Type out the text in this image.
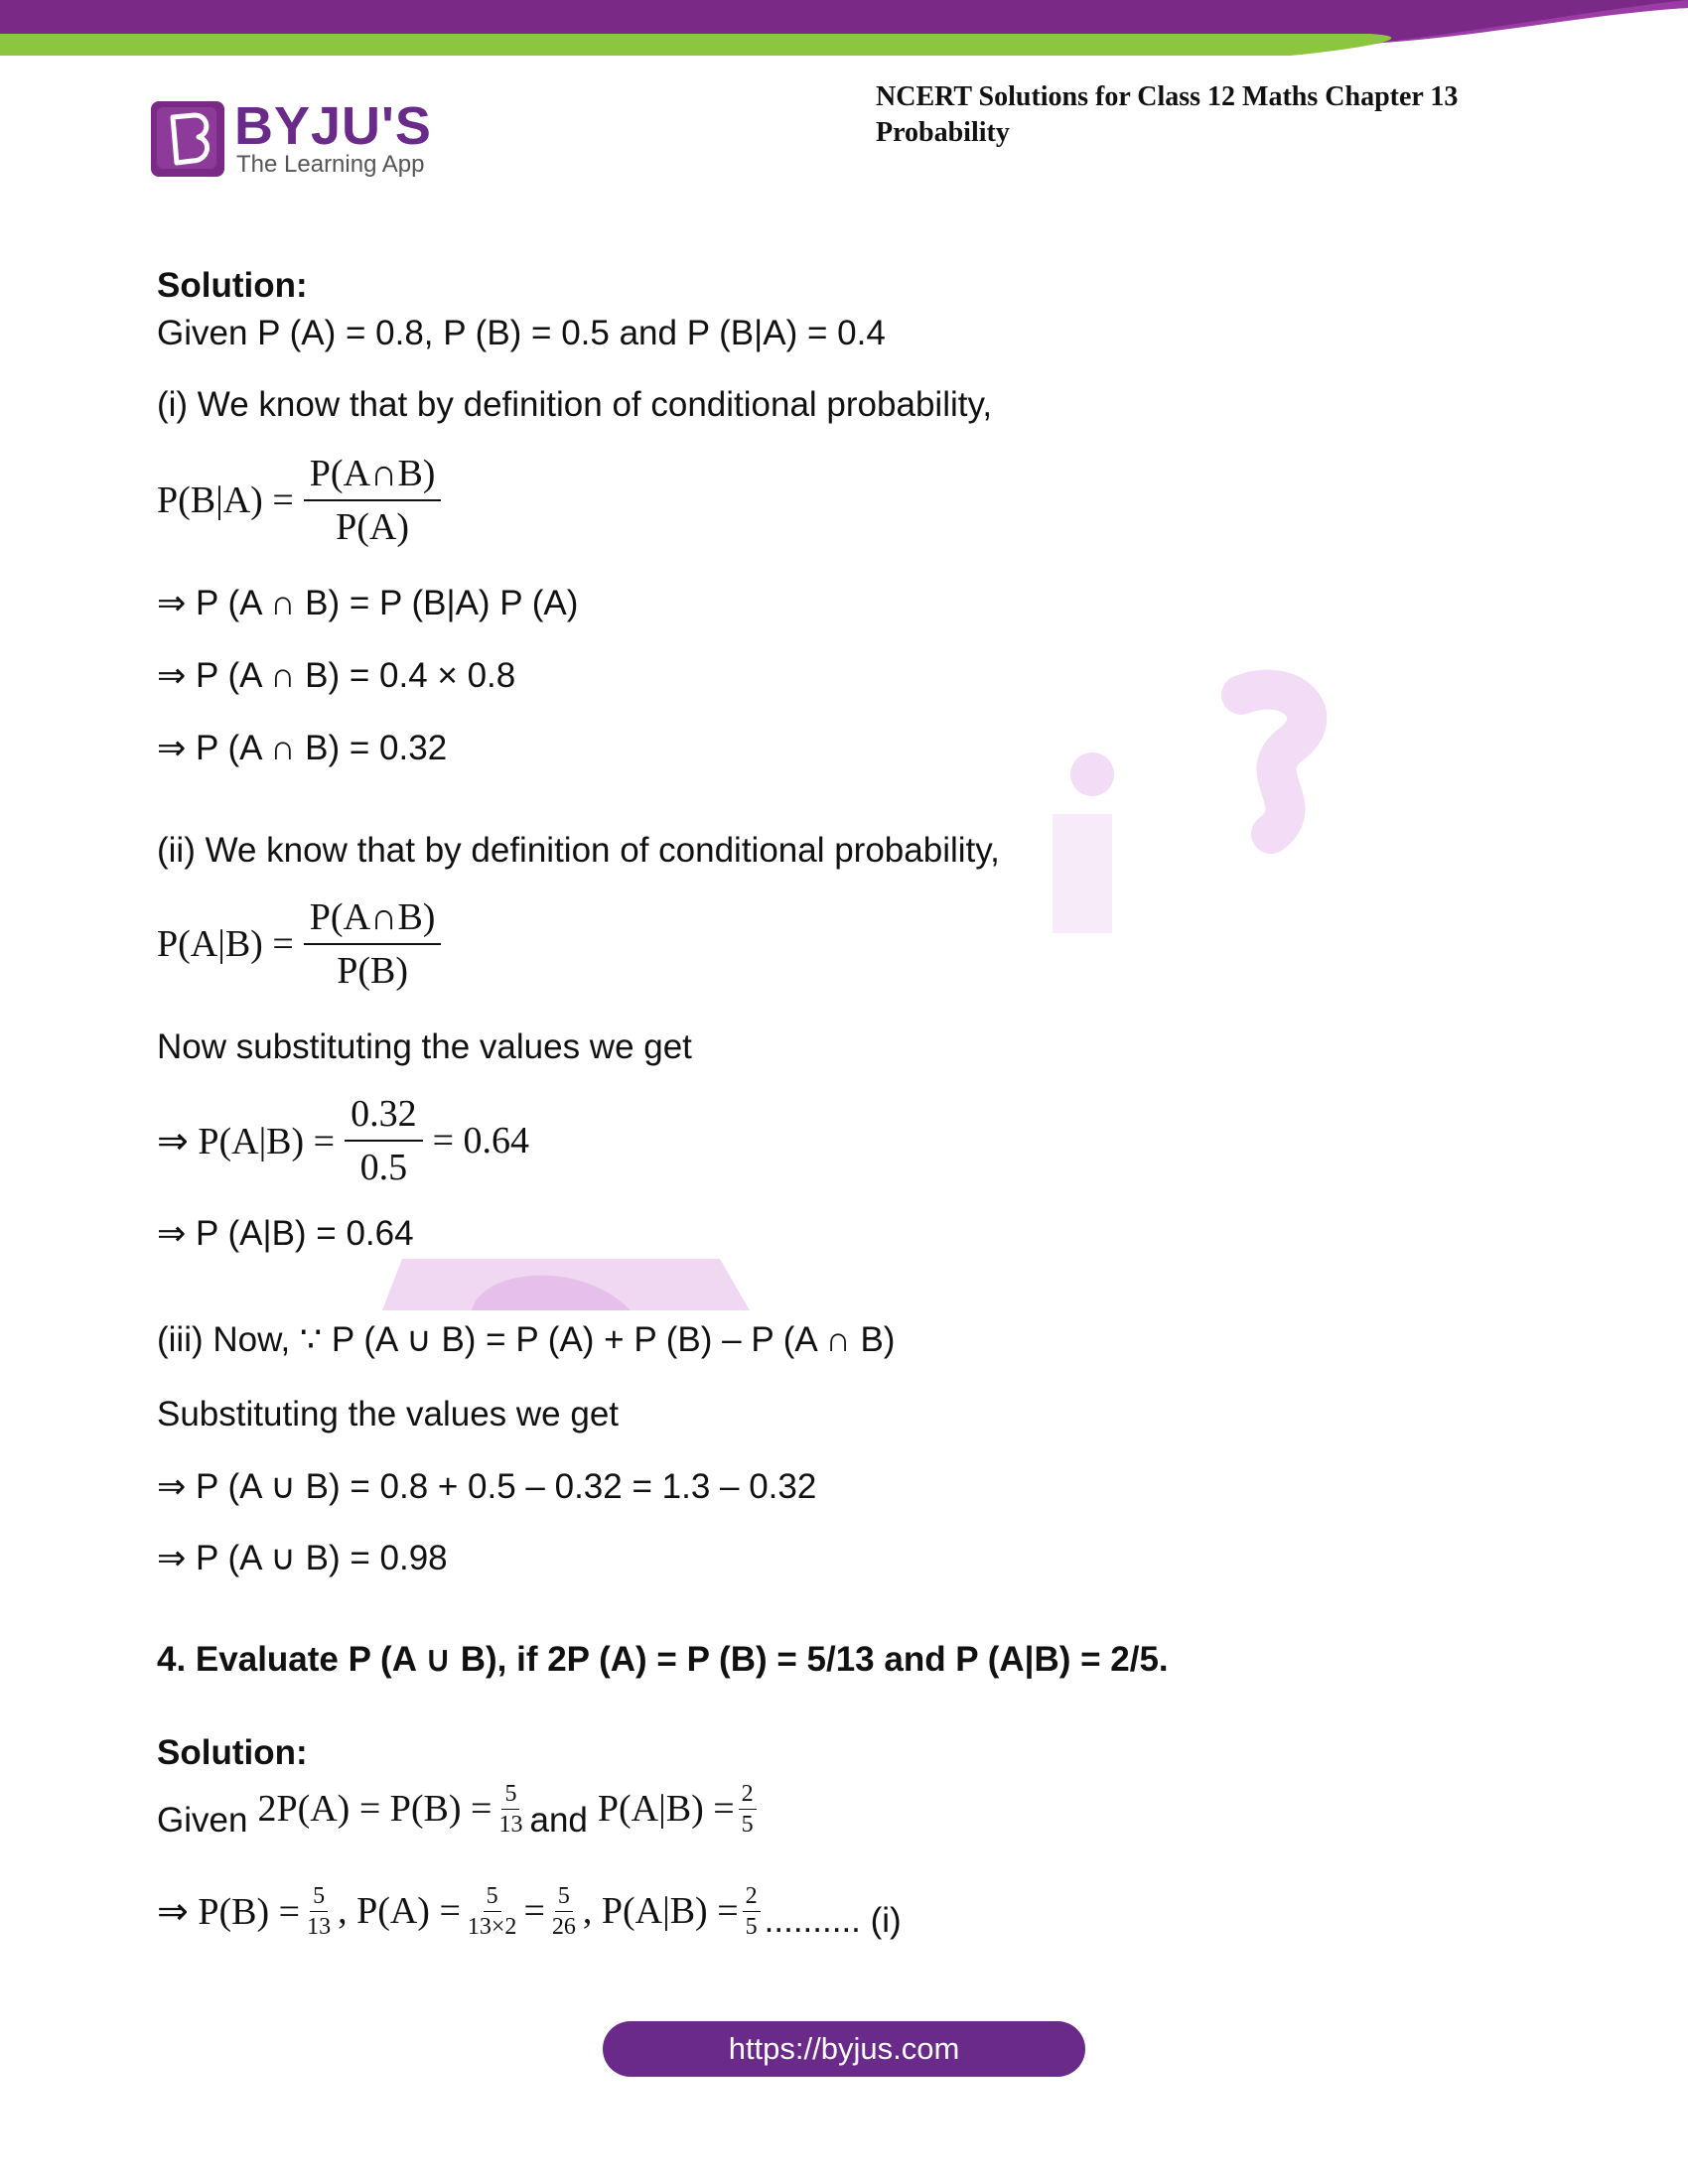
BYJU'S
The Learning App
NCERT Solutions for Class 12 Maths Chapter 13
Probability
Solution:
Given P (A) = 0.8, P (B) = 0.5 and P (B|A) = 0.4
(i) We know that by definition of conditional probability,
$P(B|A) = \frac{P(A\cap B)}{P(A)}$
⇒ P (A ∩ B) = P (B|A) P (A)
⇒ P (A ∩ B) = 0.4 × 0.8
⇒ P (A ∩ B) = 0.32
(ii) We know that by definition of conditional probability,
$P(A|B) = \frac{P(A\cap B)}{P(B)}$
Now substituting the values we get
⇒ $P(A|B) = \frac{0.32}{0.5} = 0.64$
⇒ P (A|B) = 0.64
(iii) Now, ∵ P (A ∪ B) = P (A) + P (B) – P (A ∩ B)
Substituting the values we get
⇒ P (A ∪ B) = 0.8 + 0.5 – 0.32 = 1.3 – 0.32
⇒ P (A ∪ B) = 0.98
4. Evaluate P (A ∪ B), if 2P (A) = P (B) = 5/13 and P (A|B) = 2/5.
Solution:
Given $2P(A) = P(B) = \frac{5}{13}$ and $P(A|B) = \frac{2}{5}$
⇒ $P(B) = \frac{5}{13}$ , $P(A) = \frac{5}{13\times 2} = \frac{5}{26}$ , $P(A|B) = \frac{2}{5}$ .......... (i)
https://byjus.com
